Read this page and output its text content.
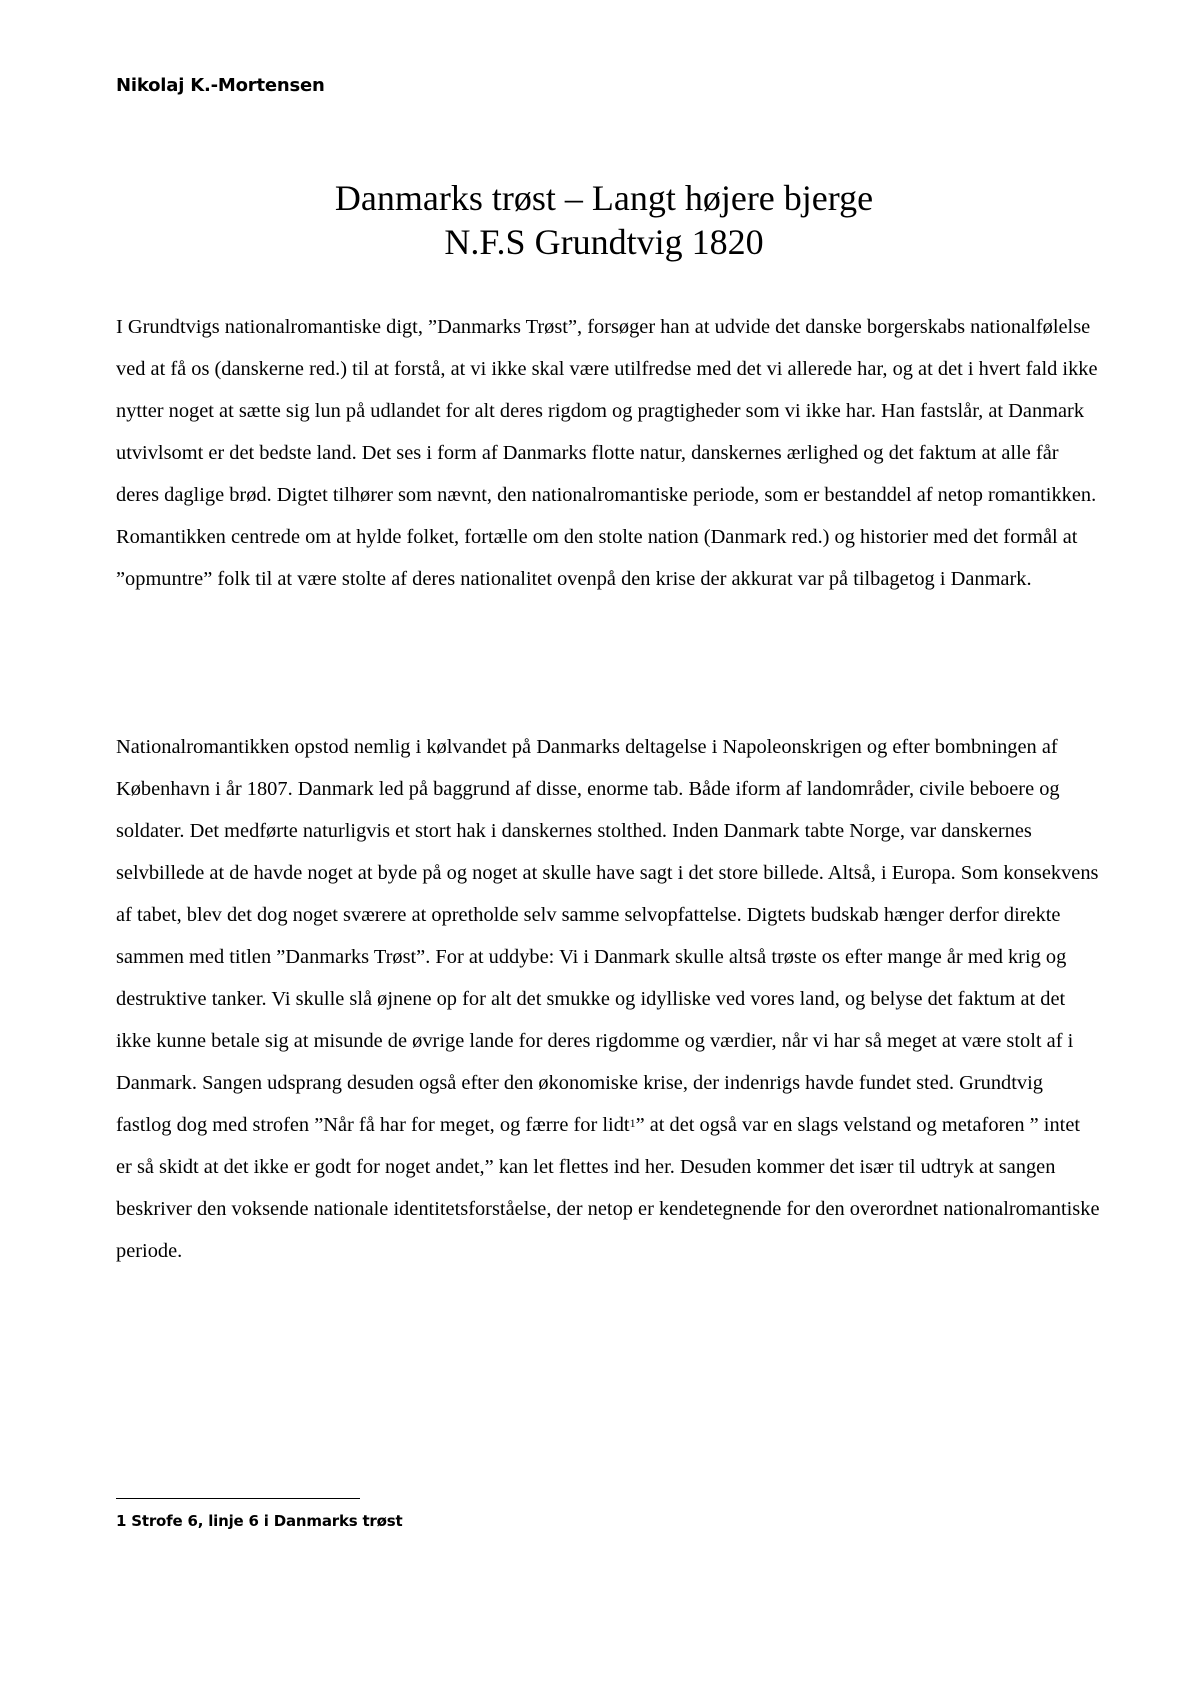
Nikolaj K.-Mortensen
Danmarks trøst – Langt højere bjerge
N.F.S Grundtvig 1820

I Grundtvigs nationalromantiske digt, ”Danmarks Trøst”, forsøger han at udvide det danske borgerskabs nationalfølelse ved at få os (danskerne red.) til at forstå, at vi ikke skal være utilfredse med det vi allerede har, og at det i hvert fald ikke nytter noget at sætte sig lun på udlandet for alt deres rigdom og pragtigheder som vi ikke har. Han fastslår, at Danmark utvivlsomt er det bedste land. Det ses i form af Danmarks flotte natur, danskernes ærlighed og det faktum at alle får deres daglige brød. Digtet tilhører som nævnt, den nationalromantiske periode, som er bestanddel af netop romantikken. Romantikken centrede om at hylde folket, fortælle om den stolte nation (Danmark red.) og historier med det formål at ”opmuntre” folk til at være stolte af deres nationalitet ovenpå den krise der akkurat var på tilbagetog i Danmark.

Nationalromantikken opstod nemlig i kølvandet på Danmarks deltagelse i Napoleonskrigen og efter bombningen af København i år 1807. Danmark led på baggrund af disse, enorme tab. Både iform af landområder, civile beboere og soldater. Det medførte naturligvis et stort hak i danskernes stolthed. Inden Danmark tabte Norge, var danskernes selvbillede at de havde noget at byde på og noget at skulle have sagt i det store billede. Altså, i Europa. Som konsekvens af tabet, blev det dog noget sværere at opretholde selv samme selvopfattelse. Digtets budskab hænger derfor direkte sammen med titlen ”Danmarks Trøst”. For at uddybe: Vi i Danmark skulle altså trøste os efter mange år med krig og destruktive tanker. Vi skulle slå øjnene op for alt det smukke og idylliske ved vores land, og belyse det faktum at det ikke kunne betale sig at misunde de øvrige lande for deres rigdomme og værdier, når vi har så meget at være stolt af i Danmark. Sangen udsprang desuden også efter den økonomiske krise, der indenrigs havde fundet sted. Grundtvig fastlog dog med strofen ”Når få har for meget, og færre for lidt$^1$” at det også var en slags velstand og metaforen ” intet er så skidt at det ikke er godt for noget andet,” kan let flettes ind her. Desuden kommer det især til udtryk at sangen beskriver den voksende nationale identitetsforståelse, der netop er kendetegnende for den overordnet nationalromantiske periode.

1 Strofe 6, linje 6 i Danmarks trøst
